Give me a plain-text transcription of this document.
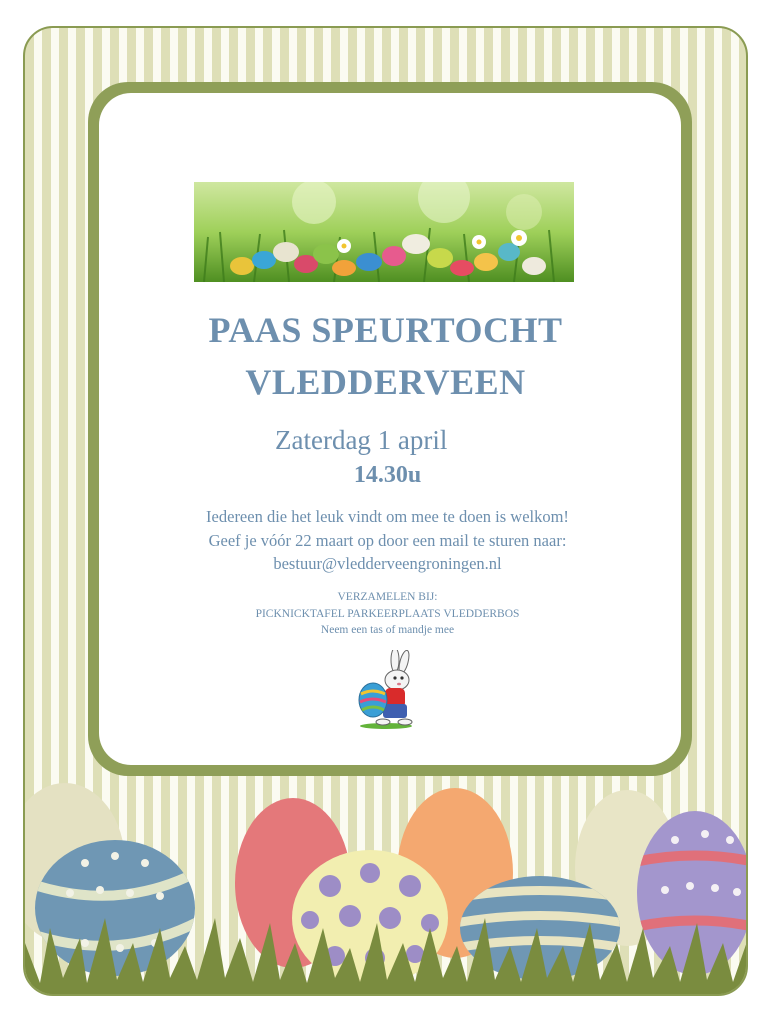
PAAS SPEURTOCHT
VLEDDERVEEN
Zaterdag 1 april
14.30u
Iedereen die het leuk vindt om mee te doen is welkom!
Geef je vóór 22 maart op door een mail te sturen naar:
bestuur@vledderveengroningen.nl
VERZAMELEN BIJ:
PICKNICKTAFEL PARKEERPLAATS VLEDDERBOS
Neem een tas of mandje mee
